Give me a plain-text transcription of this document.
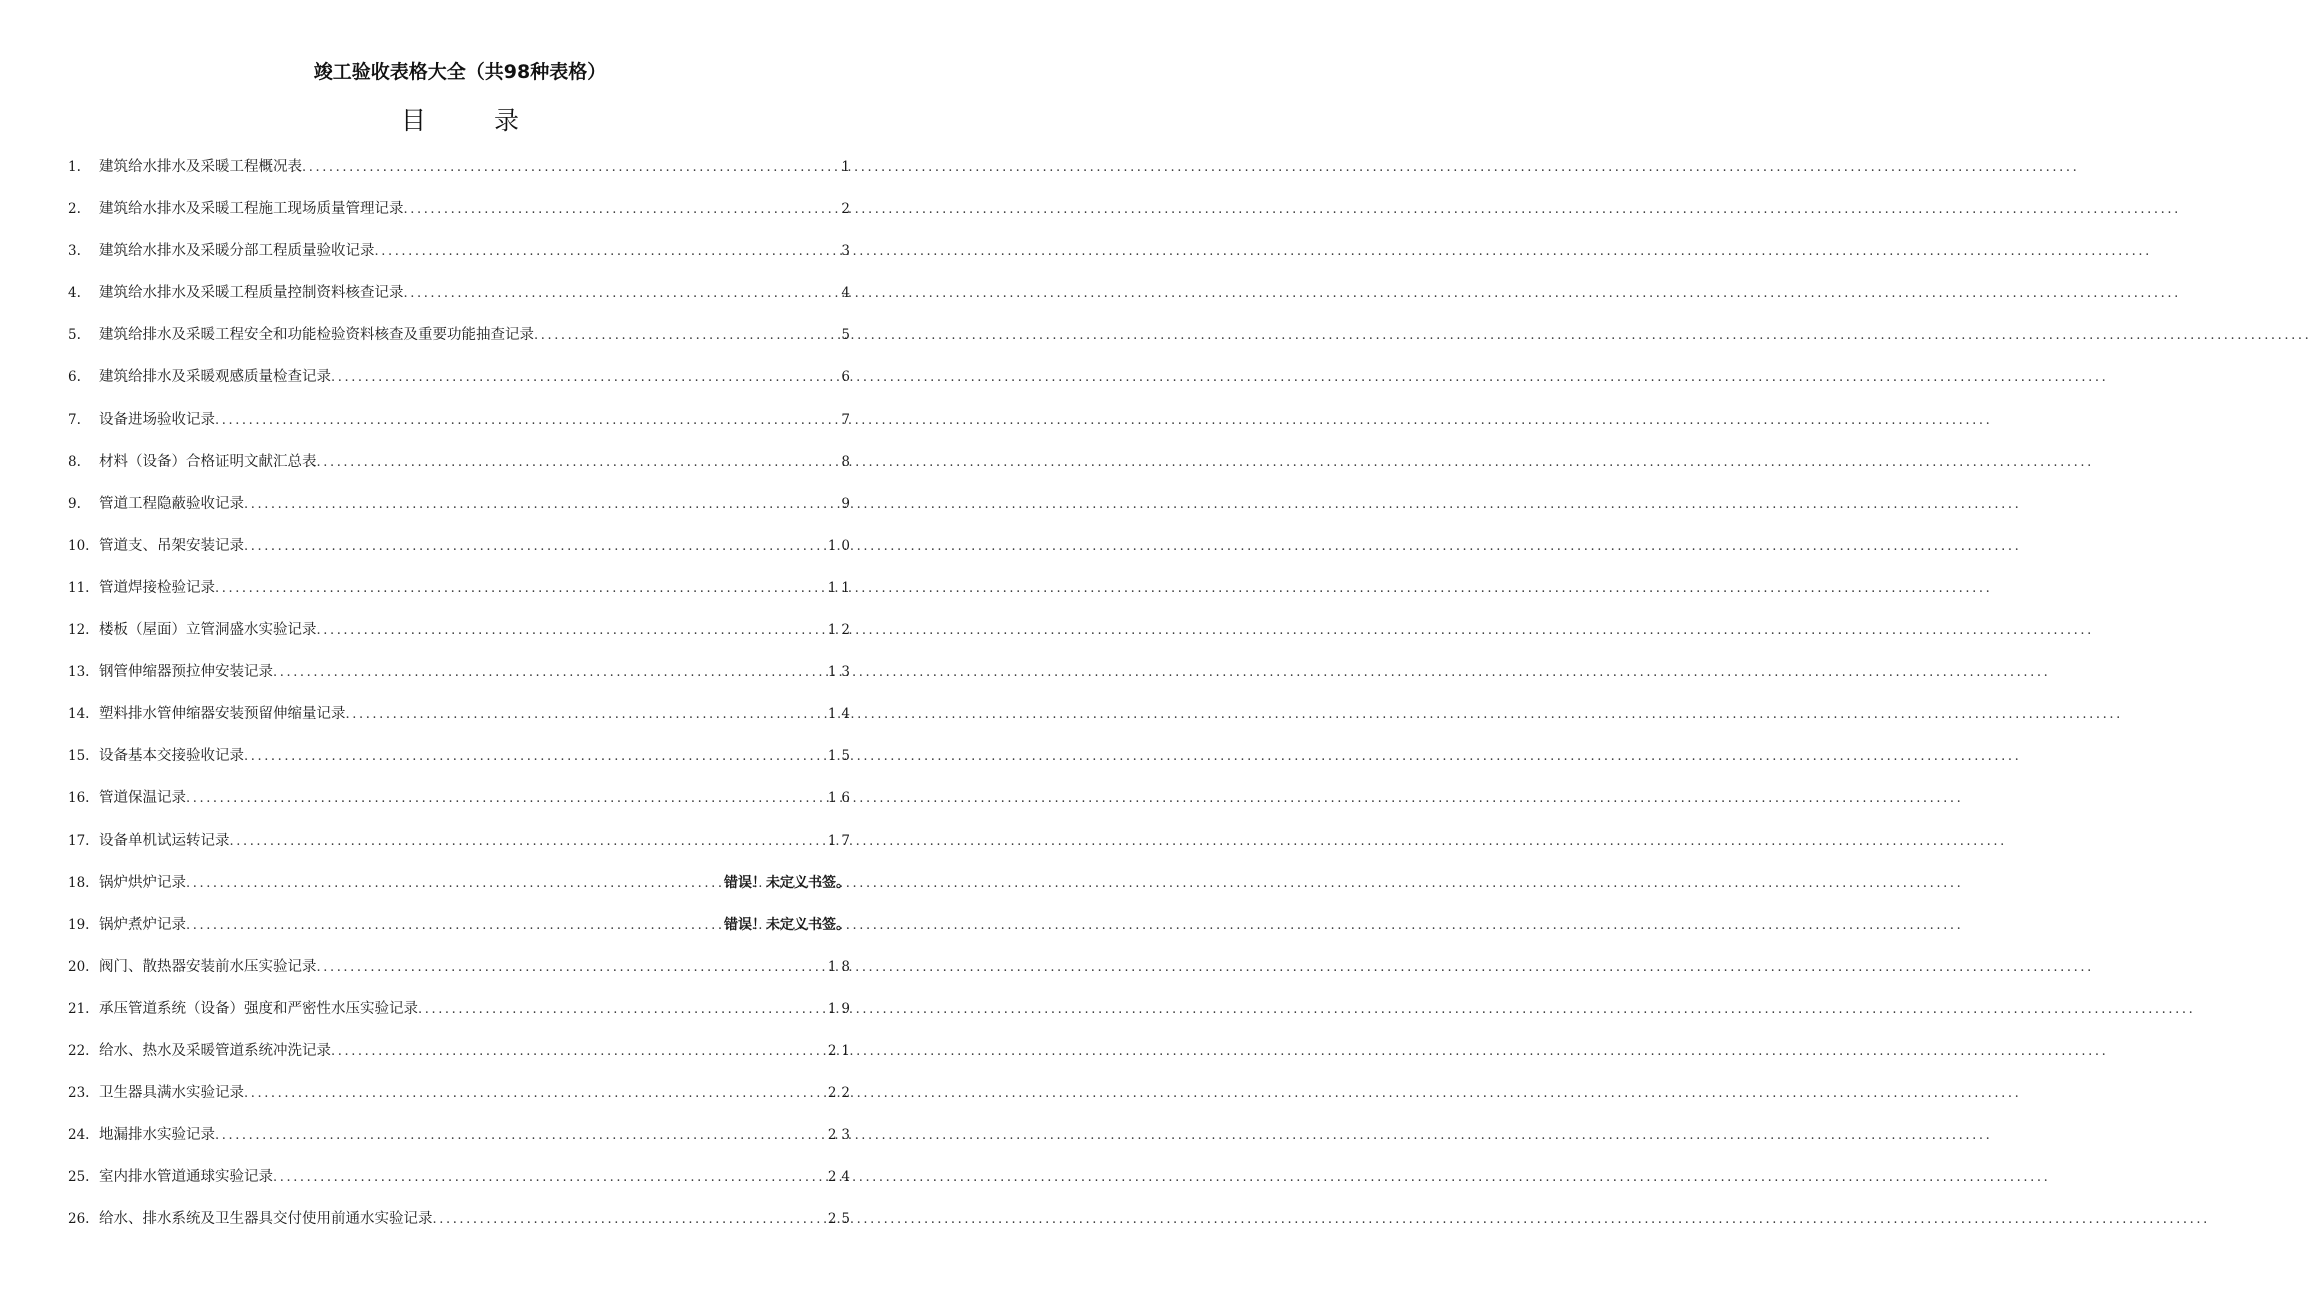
竣工验收表格大全（共98种表格）
目 录
1.	建筑给水排水及采暖工程概况表 .....	1
2.	建筑给水排水及采暖工程施工现场质量管理记录 .....	2
3.	建筑给水排水及采暖分部工程质量验收记录 .....	3
4.	建筑给水排水及采暖工程质量控制资料核查记录 .....	4
5.	建筑给排水及采暖工程安全和功能检验资料核查及重要功能抽查记录 .....	5
6.	建筑给排水及采暖观感质量检查记录 .....	6
7.	设备进场验收记录 .....	7
8.	材料（设备）合格证明文献汇总表 .....	8
9.	管道工程隐蔽验收记录 .....	9
10. 管道支、吊架安装记录 .....	10
11. 管道焊接检验记录 .....	11
12. 楼板（屋面）立管洞盛水实验记录 .....	12
13. 钢管伸缩器预拉伸安装记录 .....	13
14. 塑料排水管伸缩器安装预留伸缩量记录 .....	14
15. 设备基本交接验收记录 .....	15
16. 管道保温记录 .....	16
17. 设备单机试运转记录 .....	17
18. 锅炉烘炉记录 .....	错误！未定义书签。
19. 锅炉煮炉记录 .....	错误！未定义书签。
20. 阀门、散热器安装前水压实验记录 .....	18
21. 承压管道系统（设备）强度和严密性水压实验记录 .....	19
22. 给水、热水及采暖管道系统冲洗记录 .....	21
23. 卫生器具满水实验记录 .....	22
24. 地漏排水实验记录 .....	23
25. 室内排水管道通球实验记录 .....	24
26. 给水、排水系统及卫生器具交付使用前通水实验记录 .....	25
